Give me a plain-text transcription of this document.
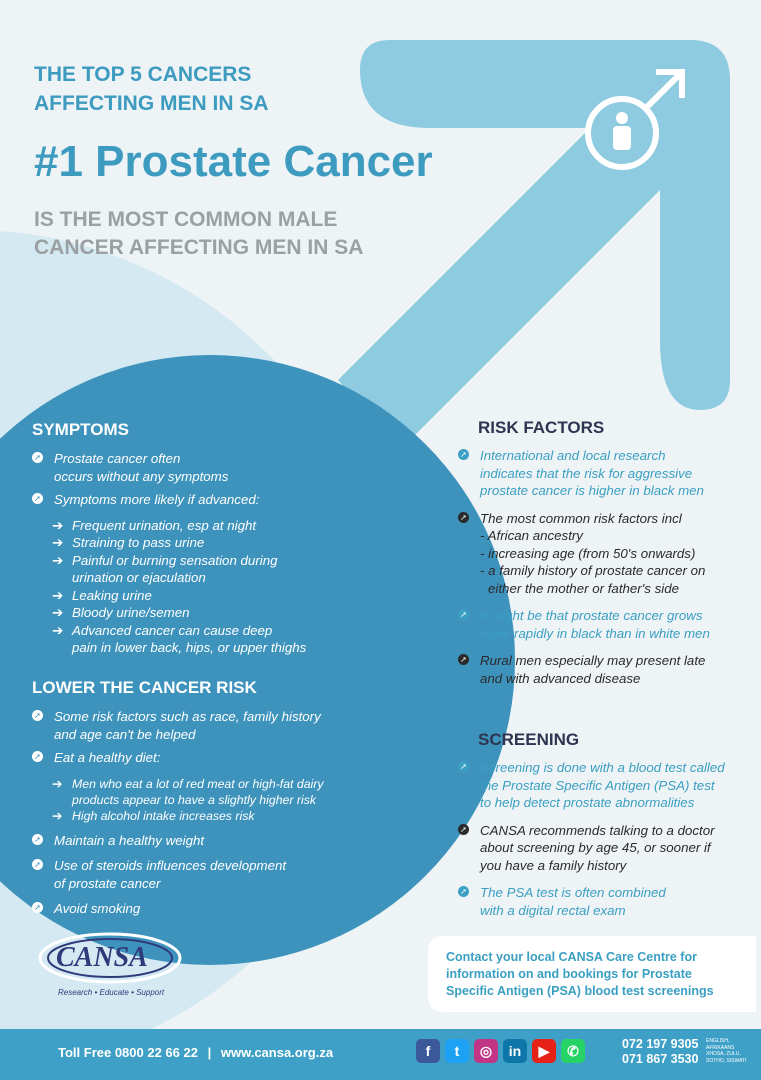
THE TOP 5 CANCERS
AFFECTING MEN IN SA
#1 Prostate Cancer
IS THE MOST COMMON MALE
CANCER AFFECTING MEN IN SA
SYMPTOMS
➚ Prostate cancer often
occurs without any symptoms
➚ Symptoms more likely if advanced:
➔ Frequent urination, esp at night
➔ Straining to pass urine
➔ Painful or burning sensation during
urination or ejaculation
➔ Leaking urine
➔ Bloody urine/semen
➔ Advanced cancer can cause deep
pain in lower back, hips, or upper thighs
LOWER THE CANCER RISK
➚ Some risk factors such as race, family history
and age can't be helped
➚ Eat a healthy diet:
➔ Men who eat a lot of red meat or high-fat dairy
products appear to have a slightly higher risk
➔ High alcohol intake increases risk
➚ Maintain a healthy weight
➚ Use of steroids influences development
of prostate cancer
➚ Avoid smoking
RISK FACTORS
➚ International and local research
indicates that the risk for aggressive
prostate cancer is higher in black men
➚ The most common risk factors incl
- African ancestry
- increasing age (from 50's onwards)
- a family history of prostate cancer on
either the mother or father's side
➚ It might be that prostate cancer grows
more rapidly in black than in white men
➚ Rural men especially may present late
and with advanced disease
SCREENING
➚ Screening is done with a blood test called
the Prostate Specific Antigen (PSA) test
to help detect prostate abnormalities
➚ CANSA recommends talking to a doctor
about screening by age 45, or sooner if
you have a family history
➚ The PSA test is often combined
with a digital rectal exam
CANSA
Research • Educate • Support
Contact your local CANSA Care Centre for
information on and bookings for Prostate
Specific Antigen (PSA) blood test screenings
Toll Free 0800 22 66 22 | www.cansa.org.za	f	t	◎	in	▶	✆	072 197 9305
071 867 3530
ENGLISH,
AFRIKAANS
XHOSA, ZULU,
SOTHO, SISWATI
